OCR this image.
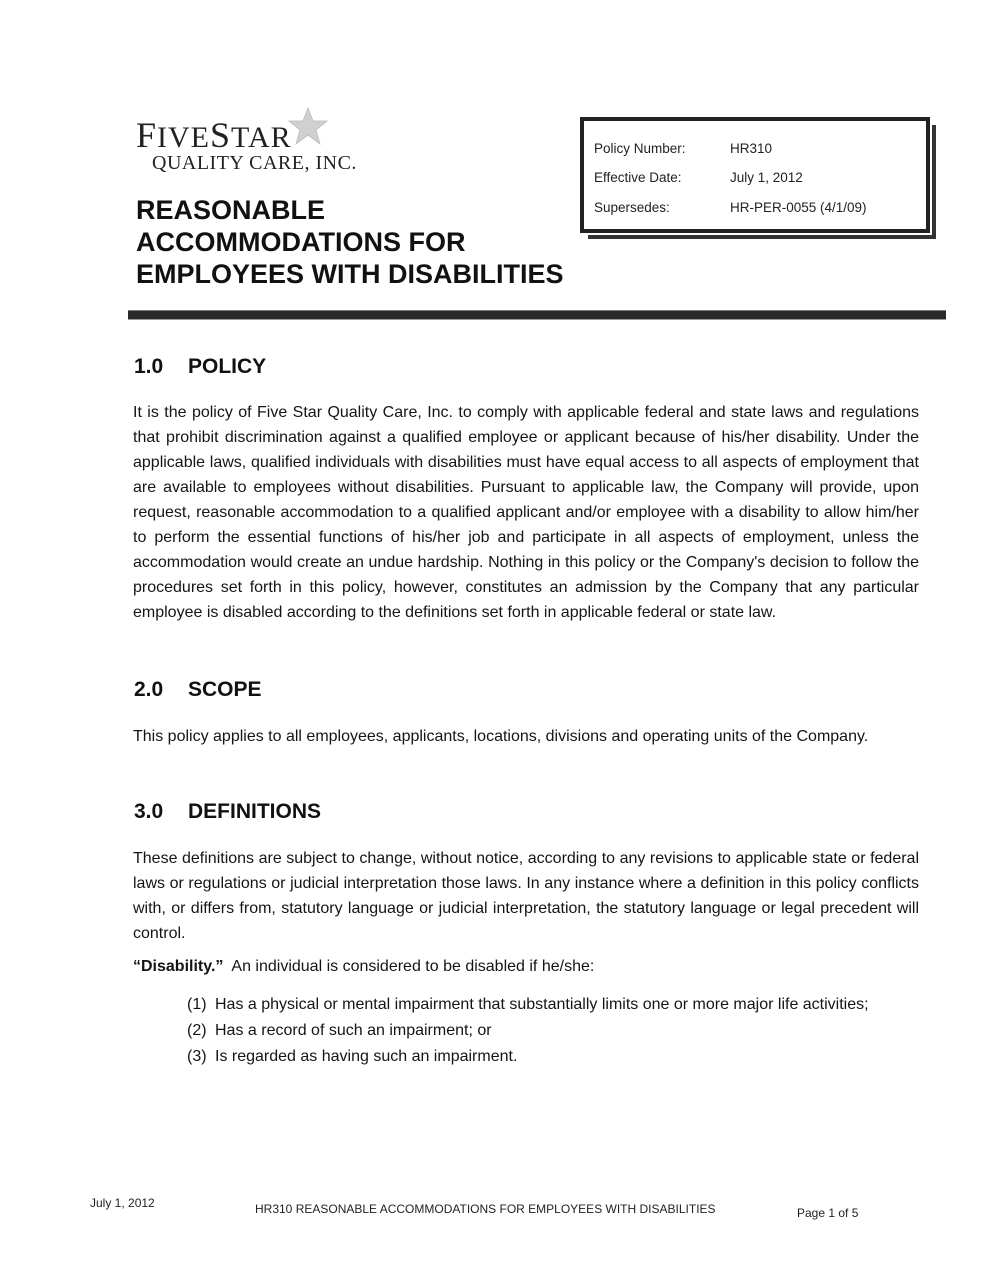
FIVESTAR
QUALITY CARE, INC.
REASONABLE
ACCOMMODATIONS FOR
EMPLOYEES WITH DISABILITIES
Policy Number:	HR310
Effective Date:	July 1, 2012
Supersedes:	HR-PER-0055 (4/1/09)
1.0 POLICY

It is the policy of Five Star Quality Care, Inc. to comply with applicable federal and state laws and regulations that prohibit discrimination against a qualified employee or applicant because of his/her disability. Under the applicable laws, qualified individuals with disabilities must have equal access to all aspects of employment that are available to employees without disabilities. Pursuant to applicable law, the Company will provide, upon request, reasonable accommodation to a qualified applicant and/or employee with a disability to allow him/her to perform the essential functions of his/her job and participate in all aspects of employment, unless the accommodation would create an undue hardship. Nothing in this policy or the Company's decision to follow the procedures set forth in this policy, however, constitutes an admission by the Company that any particular employee is disabled according to the definitions set forth in applicable federal or state law.

2.0 SCOPE

This policy applies to all employees, applicants, locations, divisions and operating units of the Company.

3.0 DEFINITIONS

These definitions are subject to change, without notice, according to any revisions to applicable state or federal laws or regulations or judicial interpretation those laws. In any instance where a definition in this policy conflicts with, or differs from, statutory language or judicial interpretation, the statutory language or legal precedent will control.

“Disability.” An individual is considered to be disabled if he/she:
(1) Has a physical or mental impairment that substantially limits one or more major life activities;
(2) Has a record of such an impairment; or
(3) Is regarded as having such an impairment.
July 1, 2012	HR310 REASONABLE ACCOMMODATIONS FOR EMPLOYEES WITH DISABILITIES	Page 1 of 5
